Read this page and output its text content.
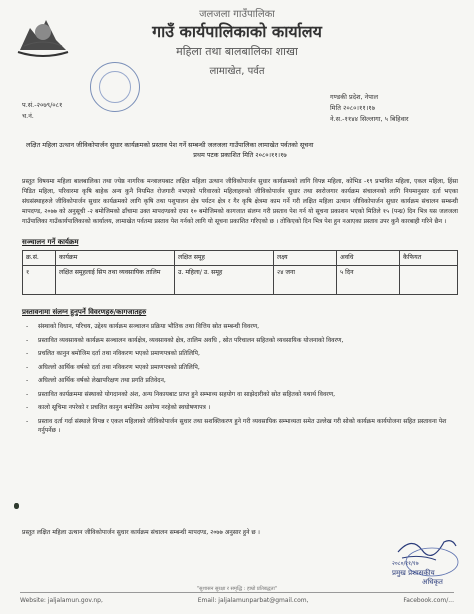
जलजला गाउँपालिका
गाउँ कार्यपालिकाको कार्यालय
महिला तथा बालबालिका शाखा
लामाखेत, पर्वत
प.सं.-२०७९/०८१
च.नं.
गण्डकी प्रदेश, नेपाल
मिति २०८०।११।१७
ने.स.-११४४ सिल्लागा, ५ बिहिवार
लक्षित महिला उत्थान जीविकोपार्जन सुधार कार्यक्रमको प्रस्ताव पेश गर्ने सम्बन्धी जलजला गाउँपालिका लामाखेत पर्वतको सूचना
प्रथम पटक प्रकाशित मिति २०८०।११।१७
प्रस्तुत विषयमा महिला बालबालिका तथा ज्येष्ठ नागरिक मन्त्रालयबाट लक्षित महिला उत्थान जीविकोपार्जन सुधार कार्यक्रमको लागि विपन्न महिला, कोभिड -१९ प्रभावित महिला, एकल महिला, हिंसा पिडित महिला, परिवारमा कृषि बाहेक अन्य कुनै नियमित रोजगारी नभएको परिवारको महिलाहरुको जीविकोपार्जन सुधार तथा स्वरोजगार कार्यक्रम संचालनको लागि नियमानुसार दर्ता भएका संघसंस्थाहरुले जीविकोपार्जन सुधार कार्यक्रमको लागि कृषि तथा पशुपालन क्षेत्र पर्यटन क्षेत्र र गैर कृषि क्षेत्रमा काम गर्ने गरी लक्षित महिला उत्थान जीविकोपार्जन सुधार कार्यक्रम संचालन सम्बन्धी मापदण्ड, २०७७ को अनुसूची -२ बमोजिमको ढाँचामा उक्त मापदण्डको दफा १० बमोजिमको कागजात संलग्न गरी प्रस्ताव पेश गर्न यो सूचना प्रकाशन भएको मितिले १५ (पन्ध्र) दिन भित्र यस जलजला गाउँपालिका गाउँकार्यपालिकाको कार्यालय, लामाखेत पर्वतमा प्रस्ताव पेश गर्नको लागि यो सूचना प्रकाशित गरिएको छ । तोकिएको दिन भित्र पेश हुन नआएका प्रस्ताव उपर कुनै कारबाही गरिने छैन ।
सञ्चालन गर्ने कार्यक्रम
क्र.सं.	कार्यक्रम	लक्षित समूह	लक्ष्य	अवधि	कैफियत
१	लक्षित समूहलाई सिप तथा व्यवसायिक तालिम	उ. महिला/ उ. समूह	२४ जना	५ दिन	
प्रस्तावनामा संलग्न हुनुपर्ने विवरणहरु/कागजातहरु
- संस्थाको विधान, परिचय, उद्देश्य कार्यक्रम सञ्चालन प्रक्रिया भौतिक तथा वित्तिय स्रोत सम्बन्धी विवरण,
- प्रस्तावित व्यवसायको कार्यक्रम सञ्चालन कार्यक्षेत्र, व्यवसायको क्षेत्र, तालिम अवधि , स्रोत परिचालन सहितको व्यवसायिक योजनाको विवरण,
- प्रचलित कानुन बमोजिम दर्ता तथा नविकरण भएको प्रमाणपत्रको प्रतिलिपि,
- अघिल्लो आर्थिक वर्षको दर्ता तथा नविकरण भएको प्रमाणपत्रको प्रतिलिपि,
- अघिल्लो आर्थिक वर्षको लेखापरिक्षण तथा प्रगति प्रतिवेदन,
- प्रस्तावित कार्यक्रममा संस्थाको योगदानको अंश, अन्य निकायबाट प्राप्त हुने सम्भाव्य सहयोग वा साझेदारीको स्रोत सहितको यथार्थ विवरण,
- कालो सूचिमा नपरेको र प्रचलित कानुन बमोजिम अयोग्य नरहेको स्वघोषणापत्र ।
- प्रस्ताव दर्ता गर्दा संस्थाले विपन्न र एकल महिलाको जीविकोपार्जन सुधार तथा सशक्तिकरण हुने गरी व्यवसायिक सम्भाव्यता समेत उल्लेख गरी सोको कार्यक्रम कार्ययोजना सहित प्रस्तावना पेश गर्नुपर्नेछ ।
प्रस्तुत लक्षित महिला उत्थान जीविकोपार्जन सुधार कार्यक्रम संचालन सम्बन्धी मापदण्ड, २०७७ अनुसार हुने छ ।
२०८०/११/१७
प्रमुख प्रशासकीय
अधिकृत
"सुशासन सुरक्षा र समृद्धि : हाम्रो प्रतिबद्धता"
Website: jaljalamun.gov.np,	Email: jaljalamunparbat@gmail.com,	Facebook.com/...
